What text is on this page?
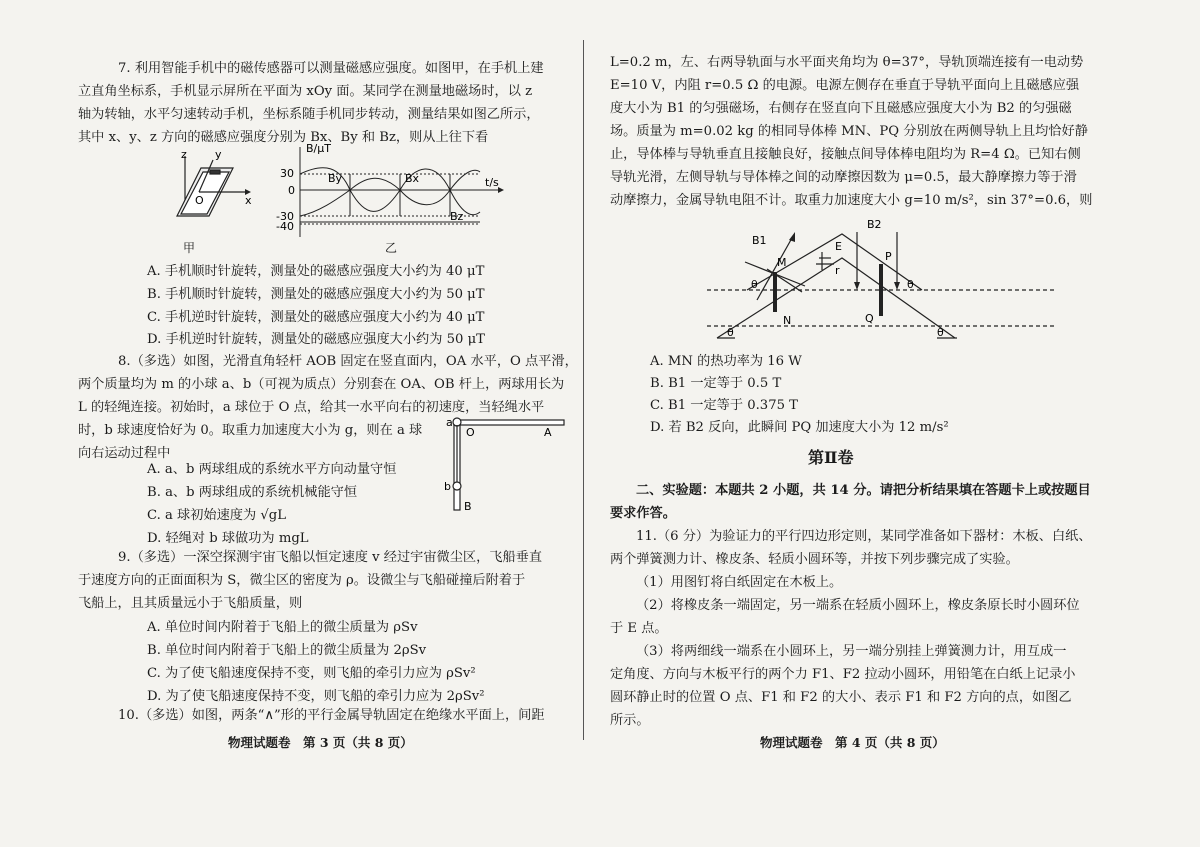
7. 利用智能手机中的磁传感器可以测量磁感应强度。如图甲，在手机上建
立直角坐标系，手机显示屏所在平面为 xOy 面。某同学在测量地磁场时，以 z
轴为转轴，水平匀速转动手机，坐标系随手机同步转动，测量结果如图乙所示，
其中 x、y、z 方向的磁感应强度分别为 Bx、By 和 Bz，则从上往下看
z	y
x
O
甲
B/μT
t/s
30
0
-30
-40
By	Bx
Bz
乙
A. 手机顺时针旋转，测量处的磁感应强度大小约为 40 μT
B. 手机顺时针旋转，测量处的磁感应强度大小约为 50 μT
C. 手机逆时针旋转，测量处的磁感应强度大小约为 40 μT
D. 手机逆时针旋转，测量处的磁感应强度大小约为 50 μT
8.（多选）如图，光滑直角轻杆 AOB 固定在竖直面内，OA 水平，O 点平滑，
两个质量均为 m 的小球 a、b（可视为质点）分别套在 OA、OB 杆上，两球用长为
L 的轻绳连接。初始时，a 球位于 O 点，给其一水平向右的初速度，当轻绳水平
时，b 球速度恰好为 0。取重力加速度大小为 g，则在 a 球
向右运动过程中
a
O	A
b
B
A. a、b 两球组成的系统水平方向动量守恒
B. a、b 两球组成的系统机械能守恒
C. a 球初始速度为 √gL
D. 轻绳对 b 球做功为 mgL
9.（多选）一深空探测宇宙飞船以恒定速度 v 经过宇宙微尘区，飞船垂直
于速度方向的正面面积为 S，微尘区的密度为 ρ。设微尘与飞船碰撞后附着于
飞船上，且其质量远小于飞船质量，则
A. 单位时间内附着于飞船上的微尘质量为 ρSv
B. 单位时间内附着于飞船上的微尘质量为 2ρSv
C. 为了使飞船速度保持不变，则飞船的牵引力应为 ρSv²
D. 为了使飞船速度保持不变，则飞船的牵引力应为 2ρSv²
10.（多选）如图，两条“∧”形的平行金属导轨固定在绝缘水平面上，间距
物理试题卷　第 3 页（共 8 页）
L=0.2 m，左、右两导轨面与水平面夹角均为 θ=37°，导轨顶端连接有一电动势
E=10 V，内阻 r=0.5 Ω 的电源。电源左侧存在垂直于导轨平面向上且磁感应强
度大小为 B1 的匀强磁场，右侧存在竖直向下且磁感应强度大小为 B2 的匀强磁
场。质量为 m=0.02 kg 的相同导体棒 MN、PQ 分别放在两侧导轨上且均恰好静
止，导体棒与导轨垂直且接触良好，接触点间导体棒电阻均为 R=4 Ω。已知右侧
导轨光滑，左侧导轨与导体棒之间的动摩擦因数为 μ=0.5，最大静摩擦力等于滑
动摩擦力，金属导轨电阻不计。取重力加速度大小 g=10 m/s²，sin 37°=0.6，则
B1
B2
E
r
M
N
P
Q
θ	θ
θ	θ
A. MN 的热功率为 16 W
B. B1 一定等于 0.5 T
C. B1 一定等于 0.375 T
D. 若 B2 反向，此瞬间 PQ 加速度大小为 12 m/s²
第Ⅱ卷
二、实验题：本题共 2 小题，共 14 分。请把分析结果填在答题卡上或按题目
要求作答。
11.（6 分）为验证力的平行四边形定则，某同学准备如下器材：木板、白纸、
两个弹簧测力计、橡皮条、轻质小圆环等，并按下列步骤完成了实验。
（1）用图钉将白纸固定在木板上。
（2）将橡皮条一端固定，另一端系在轻质小圆环上，橡皮条原长时小圆环位
于 E 点。
（3）将两细线一端系在小圆环上，另一端分别挂上弹簧测力计，用互成一
定角度、方向与木板平行的两个力 F1、F2 拉动小圆环，用铅笔在白纸上记录小
圆环静止时的位置 O 点、F1 和 F2 的大小、表示 F1 和 F2 方向的点，如图乙
所示。
物理试题卷　第 4 页（共 8 页）
